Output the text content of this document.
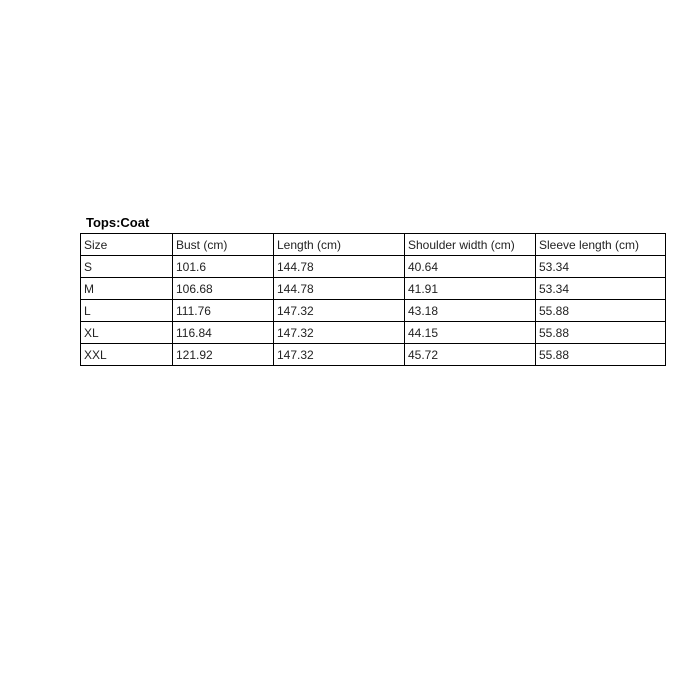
Tops:Coat
Size	Bust (cm)	Length (cm)	Shoulder width (cm)	Sleeve length (cm)
S	101.6	144.78	40.64	53.34
M	106.68	144.78	41.91	53.34
L	111.76	147.32	43.18	55.88
XL	116.84	147.32	44.15	55.88
XXL	121.92	147.32	45.72	55.88
